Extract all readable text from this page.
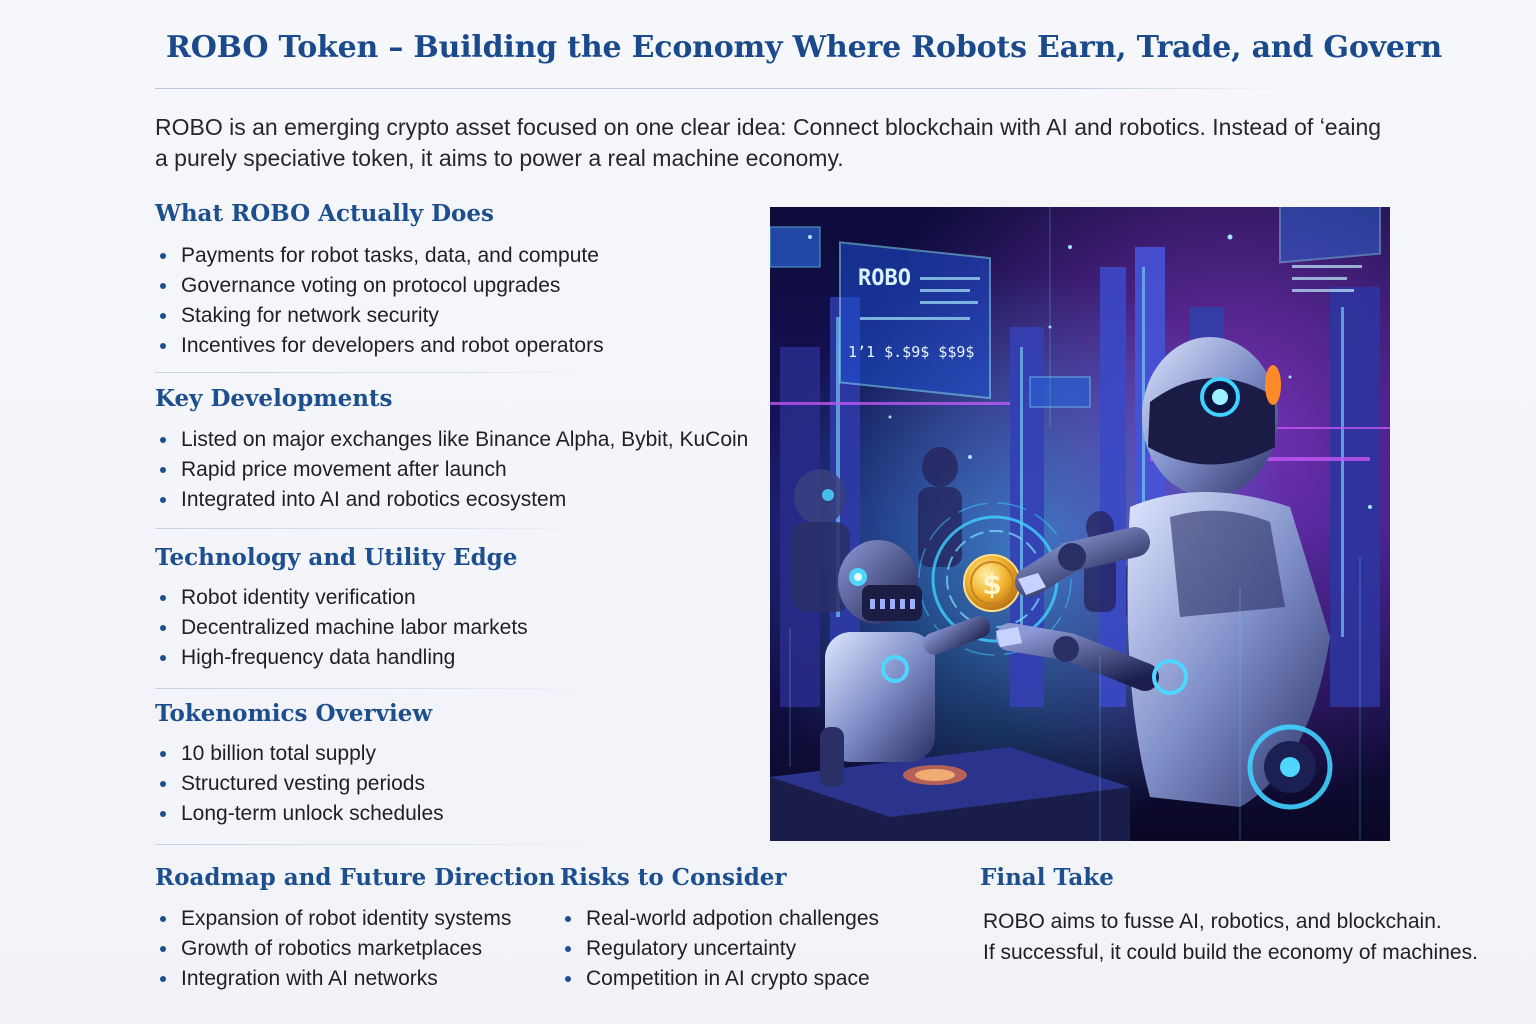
ROBO Token – Building the Economy Where Robots Earn, Trade, and Govern

ROBO is an emerging crypto asset focused on one clear idea: Connect blockchain with AI and robotics. Instead of ʻeaing
a purely speciative token, it aims to power a real machine economy.

What ROBO Actually Does
Payments for robot tasks, data, and compute
Governance voting on protocol upgrades
Staking for network security
Incentives for developers and robot operators
Key Developments
Listed on major exchanges like Binance Alpha, Bybit, KuCoin
Rapid price movement after launch
Integrated into AI and robotics ecosystem
Technology and Utility Edge
Robot identity verification
Decentralized machine labor markets
High-frequency data handling
Tokenomics Overview
10 billion total supply
Structured vesting periods
Long-term unlock schedules
Roadmap and Future Direction
Expansion of robot identity systems
Growth of robotics marketplaces
Integration with AI networks
Risks to Consider
Real-world adpotion challenges
Regulatory uncertainty
Competition in AI crypto space
Final Take

ROBO aims to fusse AI, robotics, and blockchain.
If successful, it could build the economy of machines.

ROBO
1ʼ1 $.$9$ $$9$
$
